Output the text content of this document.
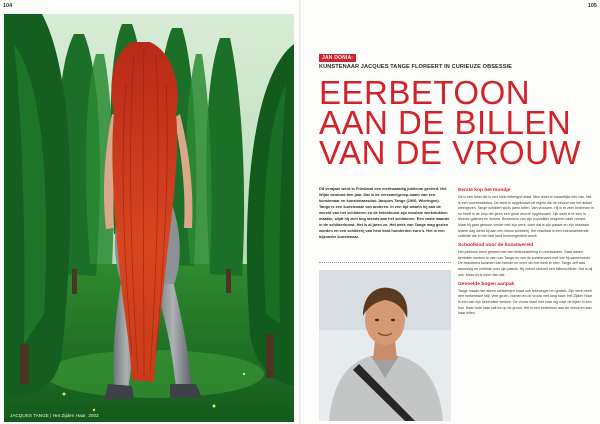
104	105
JACQUES TANGE | Het Zijden Haar, 2002
JAN DONIA:
KUNSTENAAR JACQUES TANGE FLOREERT IN CURIEUZE OBSESSIE
EERBETOON
AAN DE BILLEN
VAN DE VROUW
Dit verajaar werd in Friesland een merkwaardig jubileum gevierd. Het Wijde bestond tien jaar. Dat is de verzamelgroep-naam van een kunstenaar en kunstenaarsduo Jacques Tange (1966, Wieringen). Tange is een kunstenaar van anderen. In een tijd waarin hij aan de wereld van het schilderen en de tekenkunst zijn mooiste werkstukken maakte, wijdt hij zich nog steeds aan het schilderen. Een vaste waarde in de schilderkunst. Het is al jaren zo. Het werk van Tange mag gezien worden en een schilderij van hem kost honderden euro's. Het is een bijzonder kunstenaar.
Eerste kop het mondje
Dit is een tekst die in een klein lettertype staat. Men leest er nauwelijks iets van. Het is een voorbeeldtekst. De tekst is opgebouwd uit regels die de inhoud van het artikel weergeven. Tange schildert sinds jaren billen. Van vrouwen. Hij is er zeer bedreven in en heeft in de loop der jaren een groot oeuvre opgebouwd. Zijn werk is te zien in diverse galeries en musea. Bezoekers van zijn exposities reageren vaak verrast. Maar hij gaat gewoon verder met zijn werk, want dat is zijn passie en zijn obsessie. Iedere dag werkt hij aan een nieuw schilderij. Het resultaat is een indrukwekkende collectie die in het hele land tentoongesteld wordt.
Schoolkind voor de kunstwereld
Het jubileum werd gevierd met een tentoonstelling in Leeuwarden. Daar waren tientallen werken te zien van Tange en van de kunstenaars met wie hij samenwerkt. De bezoekers kwamen van heinde en verre om het werk te zien. Tange zelf was aanwezig en vertelde over zijn passie. Hij noemt zichzelf een billenschilder. Dat is hij ook. Maar hij is meer dan dat.
Gevoelde bogen aanpak
Tange maakt niet alleen schilderijen maar ook tekeningen en grafiek. Zijn werk heeft een herkenbare stijl. Veel groen, bomen en de vrouw met lang haar. Het Zijden Haar is een van zijn bekendste werken. De vrouw staat met haar rug naar de kijker in een bos. Haar rode haar valt tot op de grond. Het is een eerbetoon aan de vrouw en aan haar billen.
